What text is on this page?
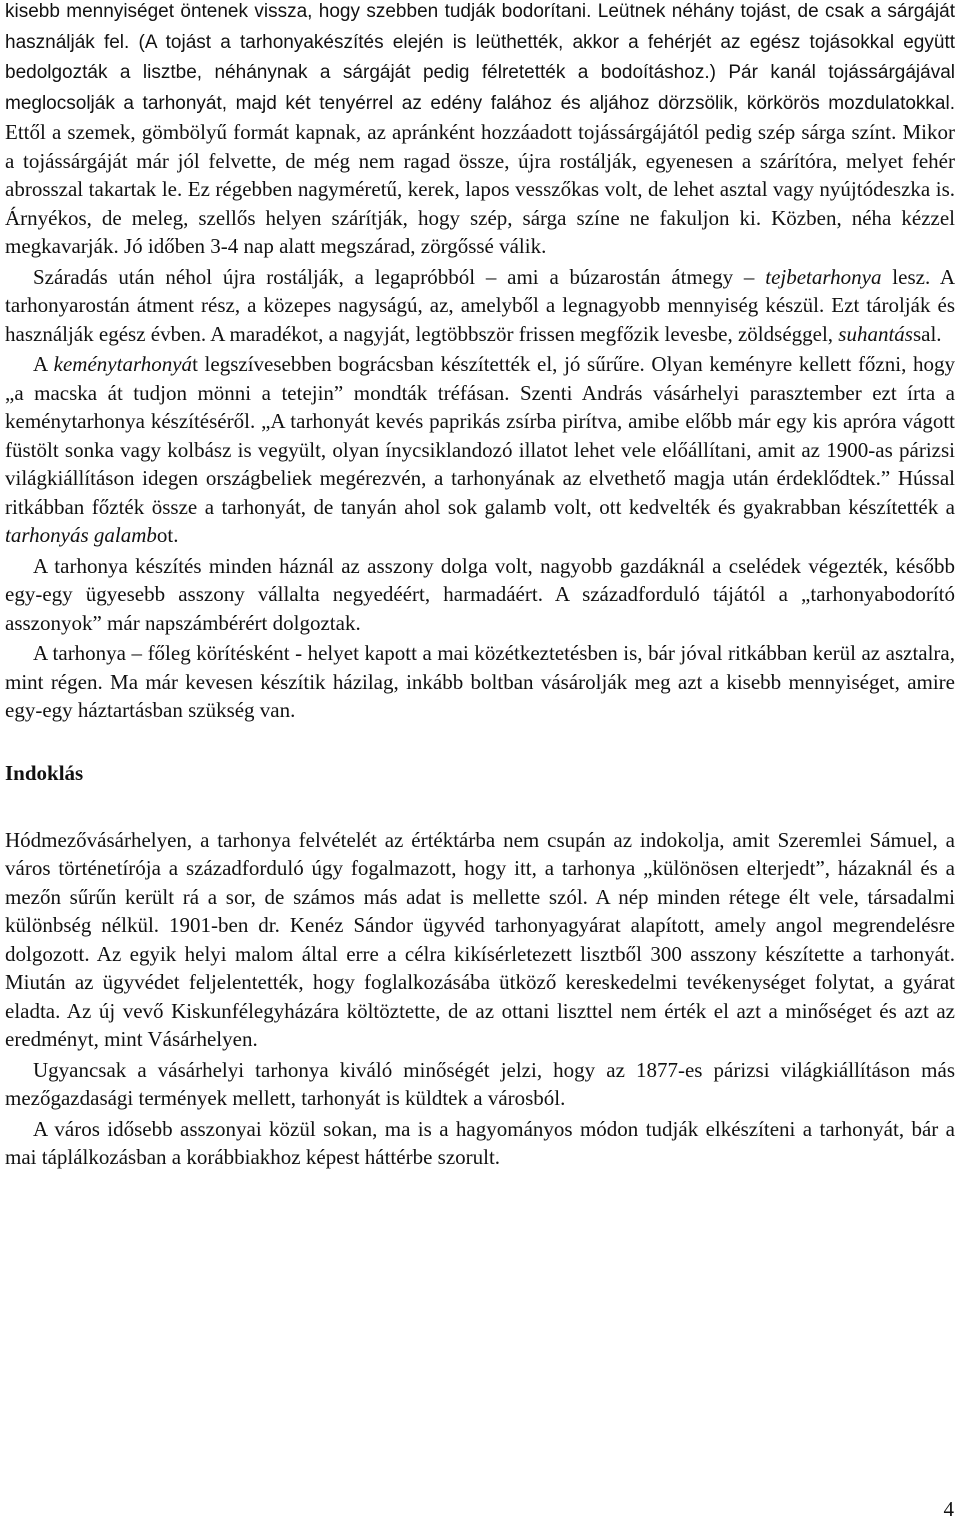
kisebb mennyiséget öntenek vissza, hogy szebben tudják bodorítani. Leütnek néhány tojást, de csak a sárgáját használják fel. (A tojást a tarhonyakészítés elején is leüthették, akkor a fehérjét az egész tojásokkal együtt bedolgozták a lisztbe, néhánynak a sárgáját pedig félretették a bodoításhoz.) Pár kanál tojássárgájával meglocsolják a tarhonyát, majd két tenyérrel az edény falához és aljához dörzsölik, körkörös mozdulatokkal. Ettől a szemek, gömbölyű formát kapnak, az apránként hozzáadott tojássárgájától pedig szép sárga színt. Mikor a tojássárgáját már jól felvette, de még nem ragad össze, újra rostálják, egyenesen a szárítóra, melyet fehér abrosszal takartak le. Ez régebben nagyméretű, kerek, lapos vesszőkas volt, de lehet asztal vagy nyújtódeszka is. Árnyékos, de meleg, szellős helyen szárítják, hogy szép, sárga színe ne fakuljon ki. Közben, néha kézzel megkavarják. Jó időben 3-4 nap alatt megszárad, zörgőssé válik.

Száradás után néhol újra rostálják, a legapróbból – ami a búzarostán átmegy – tejbetarhonya lesz. A tarhonyarostán átment rész, a közepes nagyságú, az, amelyből a legnagyobb mennyiség készül. Ezt tárolják és használják egész évben. A maradékot, a nagyját, legtöbbször frissen megfőzik levesbe, zöldséggel, suhantással.

A keménytarhonyát legszívesebben bográcsban készítették el, jó sűrűre. Olyan keményre kellett főzni, hogy „a macska át tudjon mönni a tetejin” mondták tréfásan. Szenti András vásárhelyi parasztember ezt írta a keménytarhonya készítéséről. „A tarhonyát kevés paprikás zsírba pirítva, amibe előbb már egy kis apróra vágott füstölt sonka vagy kolbász is vegyült, olyan ínycsiklandozó illatot lehet vele előállítani, amit az 1900-as párizsi világkiállításon idegen országbeliek megérezvén, a tarhonyának az elvethető magja után érdeklődtek.” Hússal ritkábban főzték össze a tarhonyát, de tanyán ahol sok galamb volt, ott kedvelték és gyakrabban készítették a tarhonyás galambot.

A tarhonya készítés minden háznál az asszony dolga volt, nagyobb gazdáknál a cselédek végezték, később egy-egy ügyesebb asszony vállalta negyedéért, harmadáért. A századforduló tájától a „tarhonyabodorító asszonyok” már napszámbérért dolgoztak.

A tarhonya – főleg körítésként - helyet kapott a mai közétkeztetésben is, bár jóval ritkábban kerül az asztalra, mint régen. Ma már kevesen készítik házilag, inkább boltban vásárolják meg azt a kisebb mennyiséget, amire egy-egy háztartásban szükség van.

Indoklás

Hódmezővásárhelyen, a tarhonya felvételét az értéktárba nem csupán az indokolja, amit Szeremlei Sámuel, a város történetírója a századforduló úgy fogalmazott, hogy itt, a tarhonya „különösen elterjedt”, házaknál és a mezőn sűrűn került rá a sor, de számos más adat is mellette szól. A nép minden rétege élt vele, társadalmi különbség nélkül. 1901-ben dr. Kenéz Sándor ügyvéd tarhonyagyárat alapított, amely angol megrendelésre dolgozott. Az egyik helyi malom által erre a célra kikísérletezett lisztből 300 asszony készítette a tarhonyát. Miután az ügyvédet feljelentették, hogy foglalkozásába ütköző kereskedelmi tevékenységet folytat, a gyárat eladta. Az új vevő Kiskunfélegyházára költöztette, de az ottani liszttel nem érték el azt a minőséget és azt az eredményt, mint Vásárhelyen.

Ugyancsak a vásárhelyi tarhonya kiváló minőségét jelzi, hogy az 1877-es párizsi világkiállításon más mezőgazdasági termények mellett, tarhonyát is küldtek a városból.

A város idősebb asszonyai közül sokan, ma is a hagyományos módon tudják elkészíteni a tarhonyát, bár a mai táplálkozásban a korábbiakhoz képest háttérbe szorult.

4
